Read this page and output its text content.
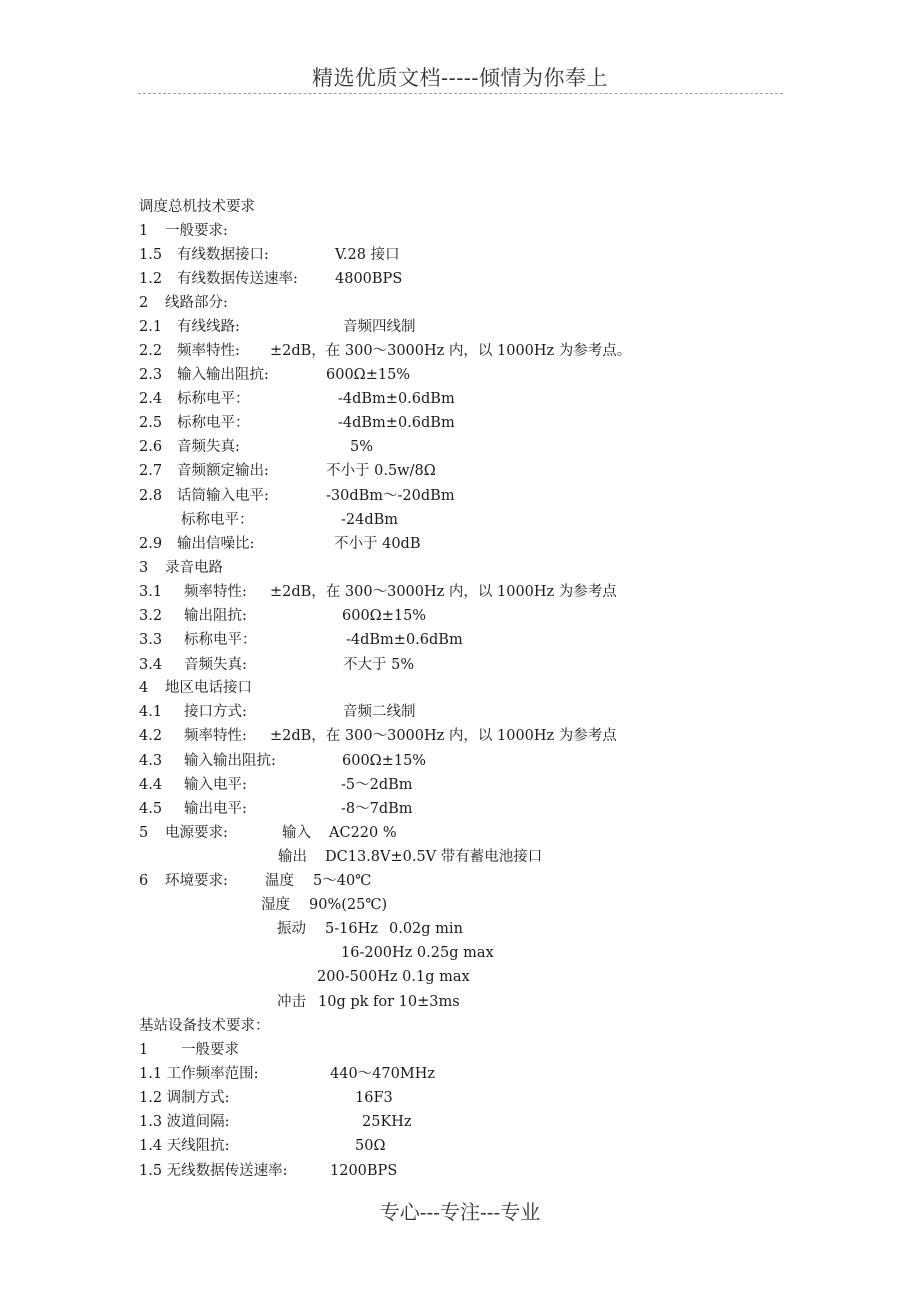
精选优质文档-----倾情为你奉上
调度总机技术要求
1 一般要求:
1.5 有线数据接口:	V.28 接口
1.2 有线数据传送速率:	4800BPS
2 线路部分:
2.1 有线线路:	音频四线制
2.2 频率特性: ±2dB，在 300～3000Hz 内，以 1000Hz 为参考点。
2.3 输入输出阻抗:	600Ω±15%
2.4 标称电平：	-4dBm±0.6dBm
2.5 标称电平：	-4dBm±0.6dBm
2.6 音频失真:	5%
2.7 音频额定输出:	不小于 0.5w/8Ω
2.8 话筒输入电平:	-30dBm～-20dBm
标称电平：	-24dBm
2.9 输出信噪比:	不小于 40dB
3 录音电路
3.1 频率特性: ±2dB，在 300～3000Hz 内，以 1000Hz 为参考点
3.2 输出阻抗:	600Ω±15%
3.3 标称电平：	-4dBm±0.6dBm
3.4 音频失真:	不大于 5%
4 地区电话接口
4.1 接口方式:	音频二线制
4.2 频率特性: ±2dB，在 300～3000Hz 内，以 1000Hz 为参考点
4.3 输入输出阻抗:	600Ω±15%
4.4 输入电平:	-5～2dBm
4.5 输出电平:	-8～7dBm
5 电源要求:	输入 AC220 %
输出 DC13.8V±0.5V 带有蓄电池接口
6 环境要求:	温度 5～40℃
湿度 90%(25℃)
振动 5-16Hz 0.02g min
16-200Hz 0.25g max
200-500Hz 0.1g max
冲击 10g pk for 10±3ms
基站设备技术要求：
1 一般要求
1.1 工作频率范围:	440～470MHz
1.2 调制方式:	16F3
1.3 波道间隔:	25KHz
1.4 天线阻抗:	50Ω
1.5 无线数据传送速率:	1200BPS
专心---专注---专业
